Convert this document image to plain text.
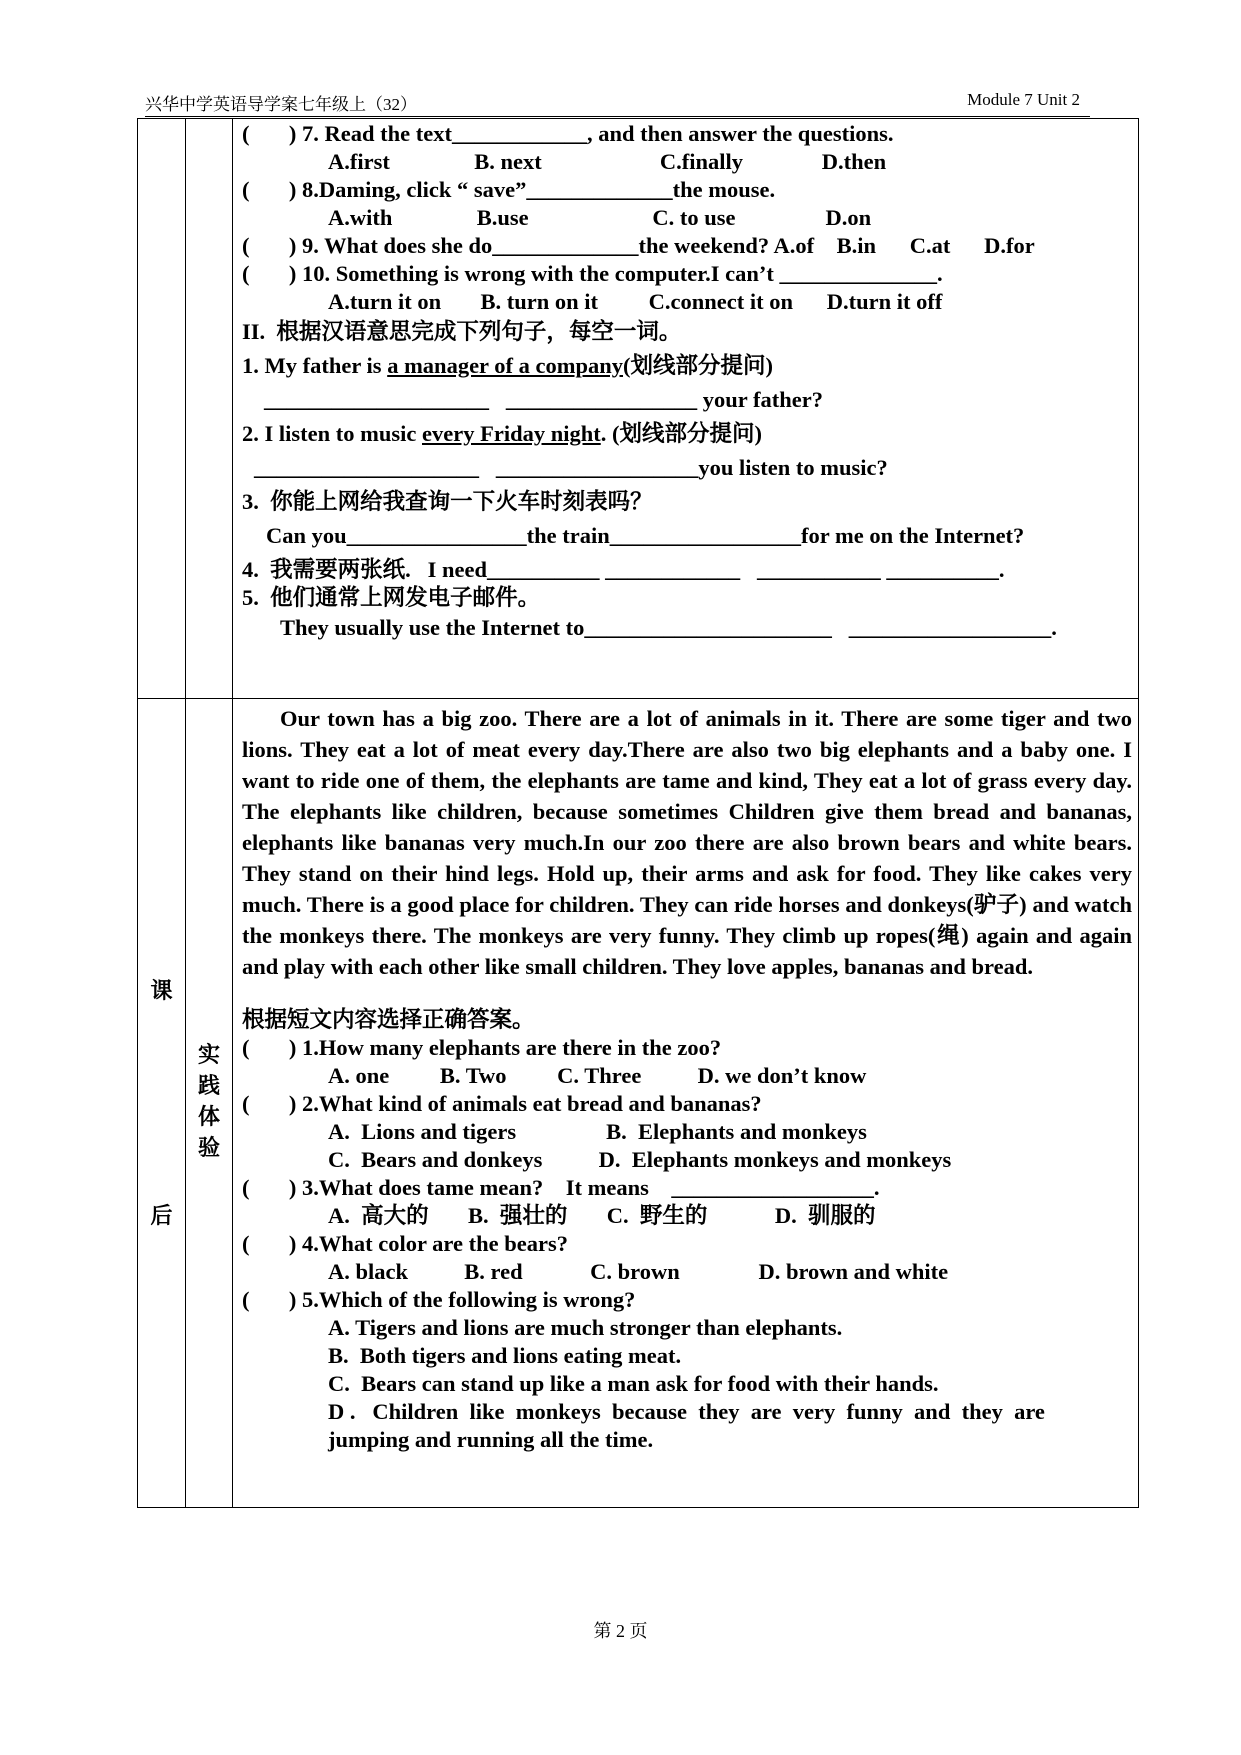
兴华中学英语导学案七年级上（32）	Module 7 Unit 2
课
后
实践体验
(       ) 7. Read the text____________, and then answer the questions.
A.first               B. next                     C.finally              D.then
(       ) 8.Daming, click “ save”_____________the mouse.
A.with               B.use                      C. to use                D.on
(       ) 9. What does she do_____________the weekend? A.of    B.in      C.at      D.for
(       ) 10. Something is wrong with the computer.I can’t ______________.
A.turn it on       B. turn on it         C.connect it on      D.turn it off
II.  根据汉语意思完成下列句子，每空一词。
1. My father is a manager of a company(划线部分提问)
____________________   _________________ your father?
2. I listen to music every Friday night. (划线部分提问)
____________________   __________________you listen to music?
3.  你能上网给我查询一下火车时刻表吗？
Can you________________the train_________________for me on the Internet?
4.  我需要两张纸.   I need__________ ____________   ___________ __________.
5.  他们通常上网发电子邮件。
They usually use the Internet to______________________   __________________.

Our town has a big zoo. There are a lot of animals in it. There are some tiger and two lions. They eat a lot of meat every day.There are also two big elephants and a baby one. I want to ride one of them, the elephants are tame and kind, They eat a lot of grass every day. The elephants like children, because sometimes Children give them bread and bananas, elephants like bananas very much.In our zoo there are also brown bears and white bears. They stand on their hind legs. Hold up, their arms and ask for food. They like cakes very much. There is a good place for children. They can ride horses and donkeys(驴子) and watch the monkeys there. The monkeys are very funny. They climb up ropes(绳) again and again and play with each other like small children. They love apples, bananas and bread.

根据短文内容选择正确答案。
(       ) 1.How many elephants are there in the zoo?
A. one         B. Two         C. Three          D. we don’t know
(       ) 2.What kind of animals eat bread and bananas?
A.  Lions and tigers                B.  Elephants and monkeys
C.  Bears and donkeys          D.  Elephants monkeys and monkeys
(       ) 3.What does tame mean?    It means    __________________.
A.  高大的       B.  强壮的       C.  野生的            D.  驯服的
(       ) 4.What color are the bears?
A. black          B. red            C. brown              D. brown and white
(       ) 5.Which of the following is wrong?
A. Tigers and lions are much stronger than elephants.
B.  Both tigers and lions eating meat.
C.  Bears can stand up like a man ask for food with their hands.
D .   Children  like  monkeys  because  they  are  very  funny  and  they  are
jumping and running all the time.
第 2 页
